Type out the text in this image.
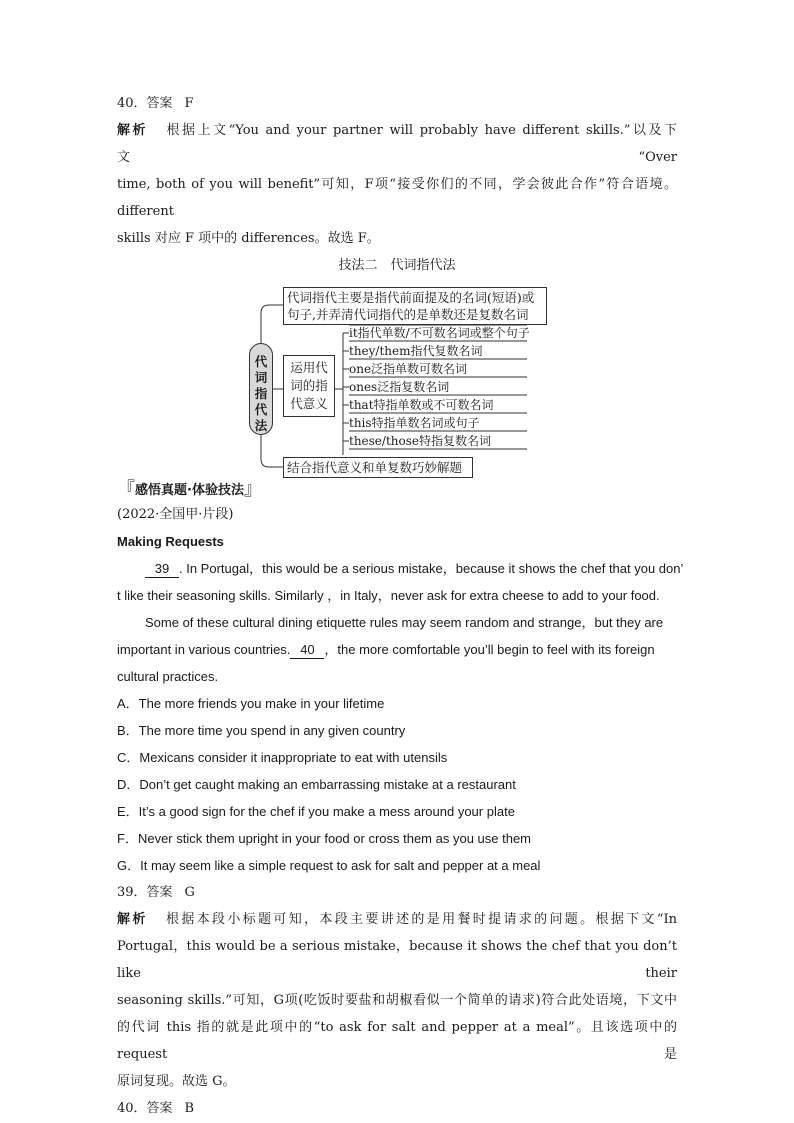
40．答案 F
解析 根据上文“You and your partner will probably have different skills.”以及下文“Over
time, both of you will benefit”可知，F项“接受你们的不同，学会彼此合作”符合语境。different
skills 对应 F 项中的 differences。故选 F。
技法二　代词指代法
代词指代法
代词指代主要是指代前面提及的名词(短语)或句子,并弄清代词指代的是单数还是复数名词
运用代词的指代意义
it指代单数/不可数名词或整个句子
they/them指代复数名词
one泛指单数可数名词
ones泛指复数名词
that特指单数或不可数名词
this特指单数名词或句子
these/those特指复数名词
结合指代意义和单复数巧妙解题
『感悟真题·体验技法』
(2022·全国甲·片段)
Making Requests
39 . In Portugal，this would be a serious mistake，because it shows the chef that you don’
t like their seasoning skills. Similarly ，in Italy，never ask for extra cheese to add to your food.
Some of these cultural dining etiquette rules may seem random and strange，but they are
important in various countries. 40 ，the more comfortable you’ll begin to feel with its foreign
cultural practices.
A．The more friends you make in your lifetime
B．The more time you spend in any given country
C．Mexicans consider it inappropriate to eat with utensils
D．Don’t get caught making an embarrassing mistake at a restaurant
E．It’s a good sign for the chef if you make a mess around your plate
F．Never stick them upright in your food or cross them as you use them
G．It may seem like a simple request to ask for salt and pepper at a meal
39．答案 G
解析 根据本段小标题可知，本段主要讲述的是用餐时提请求的问题。根据下文“In
Portugal，this would be a serious mistake，because it shows the chef that you don’t like their
seasoning skills.”可知，G项(吃饭时要盐和胡椒看似一个简单的请求)符合此处语境，下文中
的代词 this 指的就是此项中的“to ask for salt and pepper at a meal”。且该选项中的 request 是
原词复现。故选 G。
40．答案 B
